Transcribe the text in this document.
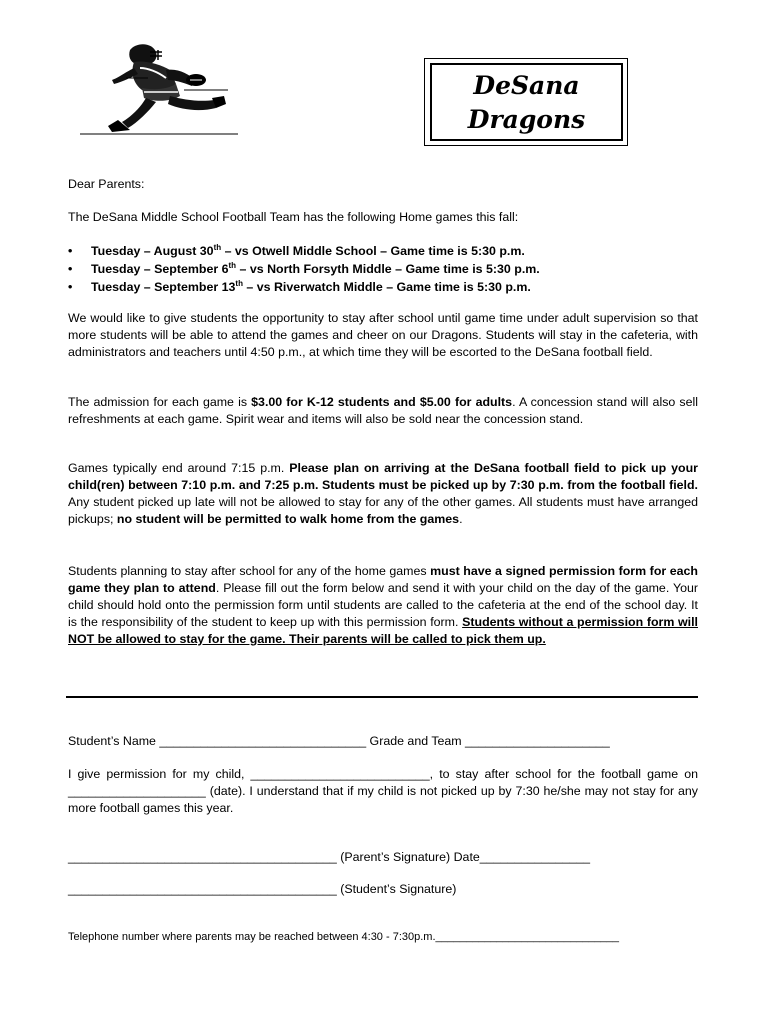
DeSana
Dragons

Dear Parents:

The DeSana Middle School Football Team has the following Home games this fall:

• Tuesday – August 30th – vs Otwell Middle School – Game time is 5:30 p.m.
• Tuesday – September 6th – vs North Forsyth Middle – Game time is 5:30 p.m.
• Tuesday – September 13th – vs Riverwatch Middle – Game time is 5:30 p.m.

We would like to give students the opportunity to stay after school until game time under adult supervision so that more students will be able to attend the games and cheer on our Dragons. Students will stay in the cafeteria, with administrators and teachers until 4:50 p.m., at which time they will be escorted to the DeSana football field.

The admission for each game is $3.00 for K-12 students and $5.00 for adults. A concession stand will also sell refreshments at each game. Spirit wear and items will also be sold near the concession stand.

Games typically end around 7:15 p.m. Please plan on arriving at the DeSana football field to pick up your child(ren) between 7:10 p.m. and 7:25 p.m. Students must be picked up by 7:30 p.m. from the football field. Any student picked up late will not be allowed to stay for any of the other games. All students must have arranged pickups; no student will be permitted to walk home from the games.

Students planning to stay after school for any of the home games must have a signed permission form for each game they plan to attend. Please fill out the form below and send it with your child on the day of the game. Your child should hold onto the permission form until students are called to the cafeteria at the end of the school day. It is the responsibility of the student to keep up with this permission form. Students without a permission form will NOT be allowed to stay for the game. Their parents will be called to pick them up.

Student’s Name ______________________________ Grade and Team _____________________

I give permission for my child, __________________________, to stay after school for the football game on ____________________ (date). I understand that if my child is not picked up by 7:30 he/she may not stay for any more football games this year.

_______________________________________ (Parent’s Signature) Date________________

_______________________________________ (Student’s Signature)

Telephone number where parents may be reached between 4:30 - 7:30p.m.______________________________
